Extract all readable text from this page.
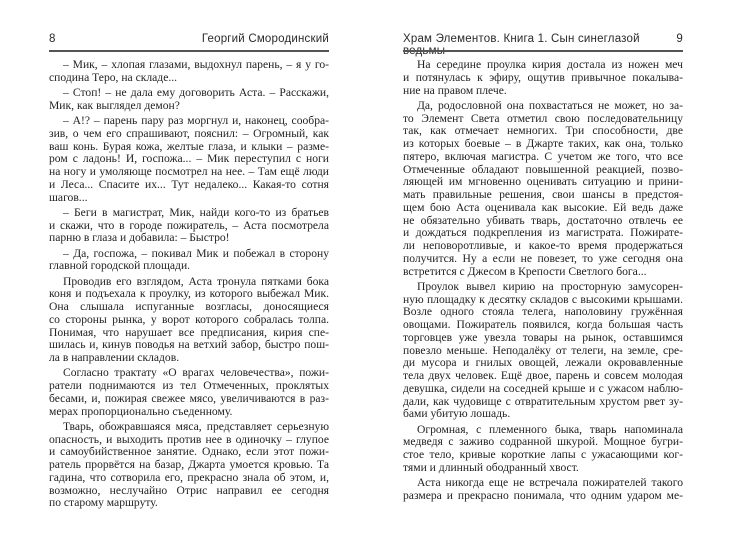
8	Георгий Смородинский
– Мик, – хлопая глазами, выдохнул парень, – я у го-
сподина Теро, на складе...
– Стоп! – не дала ему договорить Аста. – Расскажи,
Мик, как выглядел демон?
– А!? – парень пару раз моргнул и, наконец, сообра-
зив, о чем его спрашивают, пояснил: – Огромный, как
ваш конь. Бурая кожа, желтые глаза, и клыки – разме-
ром с ладонь! И, госпожа... – Мик переступил с ноги
на ногу и умоляюще посмотрел на нее. – Там ещё люди
и Леса... Спасите их... Тут недалеко... Какая-то сотня
шагов...
– Беги в магистрат, Мик, найди кого-то из братьев
и скажи, что в городе пожиратель, – Аста посмотрела
парню в глаза и добавила: – Быстро!
– Да, госпожа, – покивал Мик и побежал в сторону
главной городской площади.
Проводив его взглядом, Аста тронула пятками бока
коня и подъехала к проулку, из которого выбежал Мик.
Она слышала испуганные возгласы, доносящиеся
со стороны рынка, у ворот которого собралась толпа.
Понимая, что нарушает все предписания, кирия спе-
шилась и, кинув поводья на ветхий забор, быстро пош-
ла в направлении складов.
Согласно трактату «О врагах человечества», пожи-
ратели поднимаются из тел Отмеченных, проклятых
бесами, и, пожирая свежее мясо, увеличиваются в раз-
мерах пропорционально съеденному.
Тварь, обожравшаяся мяса, представляет серьезную
опасность, и выходить против нее в одиночку – глупое
и самоубийственное занятие. Однако, если этот пожи-
ратель прорвётся на базар, Джарта умоется кровью. Та
гадина, что сотворила его, прекрасно знала об этом, и,
возможно, неслучайно Отрис направил ее сегодня
по старому маршруту.
Храм Элементов. Книга 1. Сын синеглазой	9
На середине проулка кирия достала из ножен меч
и потянулась к эфиру, ощутив привычное покалыва-
ние на правом плече.
Да, родословной она похвастаться не может, но за-
то Элемент Света отметил свою последовательницу
так, как отмечает немногих. Три способности, две
из которых боевые – в Джарте таких, как она, только
пятеро, включая магистра. С учетом же того, что все
Отмеченные обладают повышенной реакцией, позво-
ляющей им мгновенно оценивать ситуацию и прини-
мать правильные решения, свои шансы в предстоя-
щем бою Аста оценивала как высокие. Ей ведь даже
не обязательно убивать тварь, достаточно отвлечь ее
и дождаться подкрепления из магистрата. Пожирате-
ли неповоротливые, и какое-то время продержаться
получится. Ну а если не повезет, то уже сегодня она
встретится с Джесом в Крепости Светлого бога...
Проулок вывел кирию на просторную замусорен-
ную площадку к десятку складов с высокими крышами.
Возле одного стояла телега, наполовину гружённая
овощами. Пожиратель появился, когда большая часть
торговцев уже увезла товары на рынок, оставшимся
повезло меньше. Неподалёку от телеги, на земле, сре-
ди мусора и гнилых овощей, лежали окровавленные
тела двух человек. Ещё двое, парень и совсем молодая
девушка, сидели на соседней крыше и с ужасом наблю-
дали, как чудовище с отвратительным хрустом рвет зу-
бами убитую лошадь.
Огромная, с племенного быка, тварь напоминала
медведя с заживо содранной шкурой. Мощное бугри-
стое тело, кривые короткие лапы с ужасающими ког-
тями и длинный ободранный хвост.
Аста никогда еще не встречала пожирателей такого
размера и прекрасно понимала, что одним ударом ме-
